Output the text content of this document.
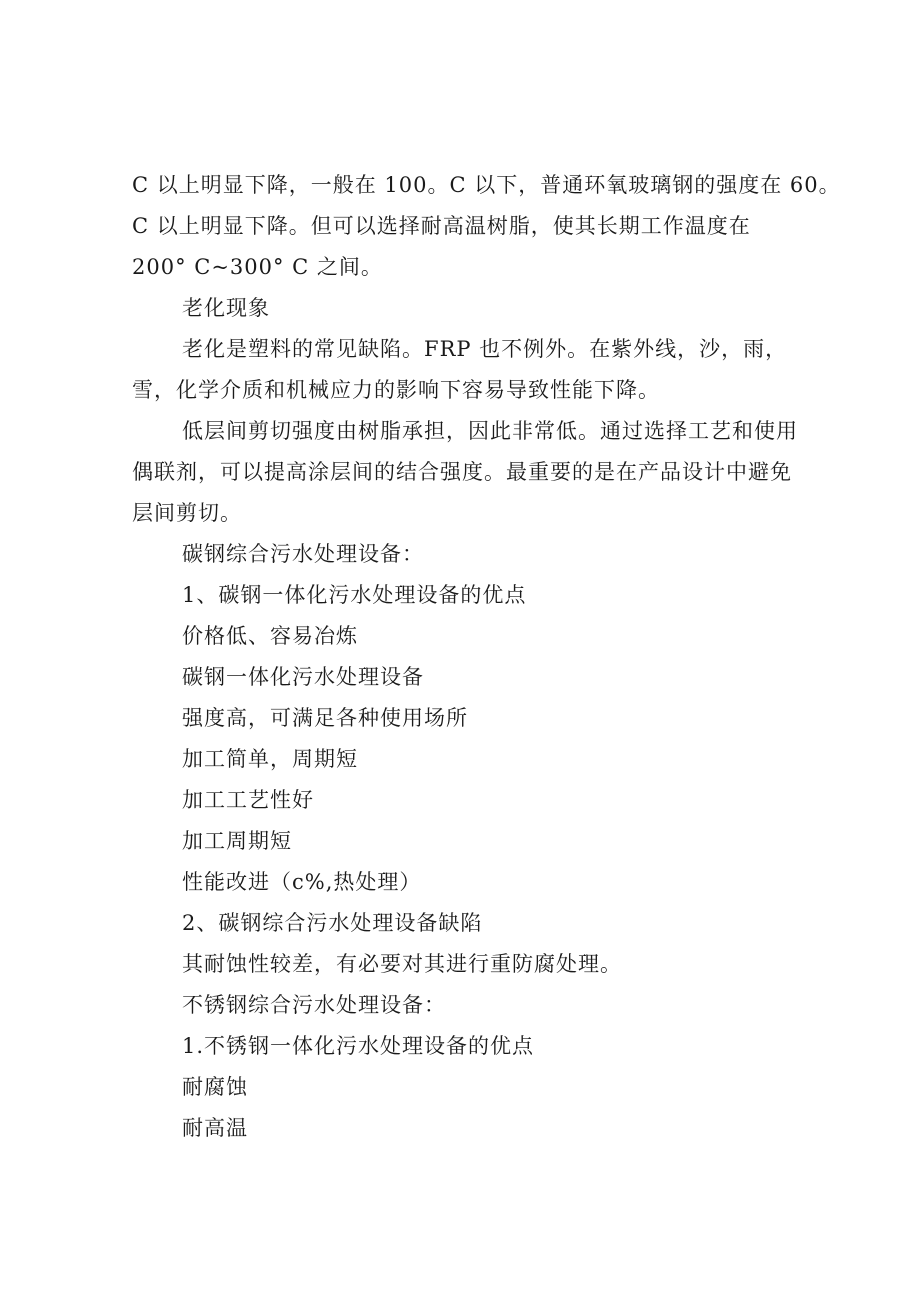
C 以上明显下降，一般在 100。C 以下，普通环氧玻璃钢的强度在 60。
C 以上明显下降。但可以选择耐高温树脂，使其长期工作温度在
200° C~300° C 之间。
老化现象
老化是塑料的常见缺陷。FRP 也不例外。在紫外线，沙，雨，
雪，化学介质和机械应力的影响下容易导致性能下降。
低层间剪切强度由树脂承担，因此非常低。通过选择工艺和使用
偶联剂，可以提高涂层间的结合强度。最重要的是在产品设计中避免
层间剪切。
碳钢综合污水处理设备：
1、碳钢一体化污水处理设备的优点
价格低、容易冶炼
碳钢一体化污水处理设备
强度高，可满足各种使用场所
加工简单，周期短
加工工艺性好
加工周期短
性能改进（c%,热处理）
2、碳钢综合污水处理设备缺陷
其耐蚀性较差，有必要对其进行重防腐处理。
不锈钢综合污水处理设备：
1.不锈钢一体化污水处理设备的优点
耐腐蚀
耐高温
